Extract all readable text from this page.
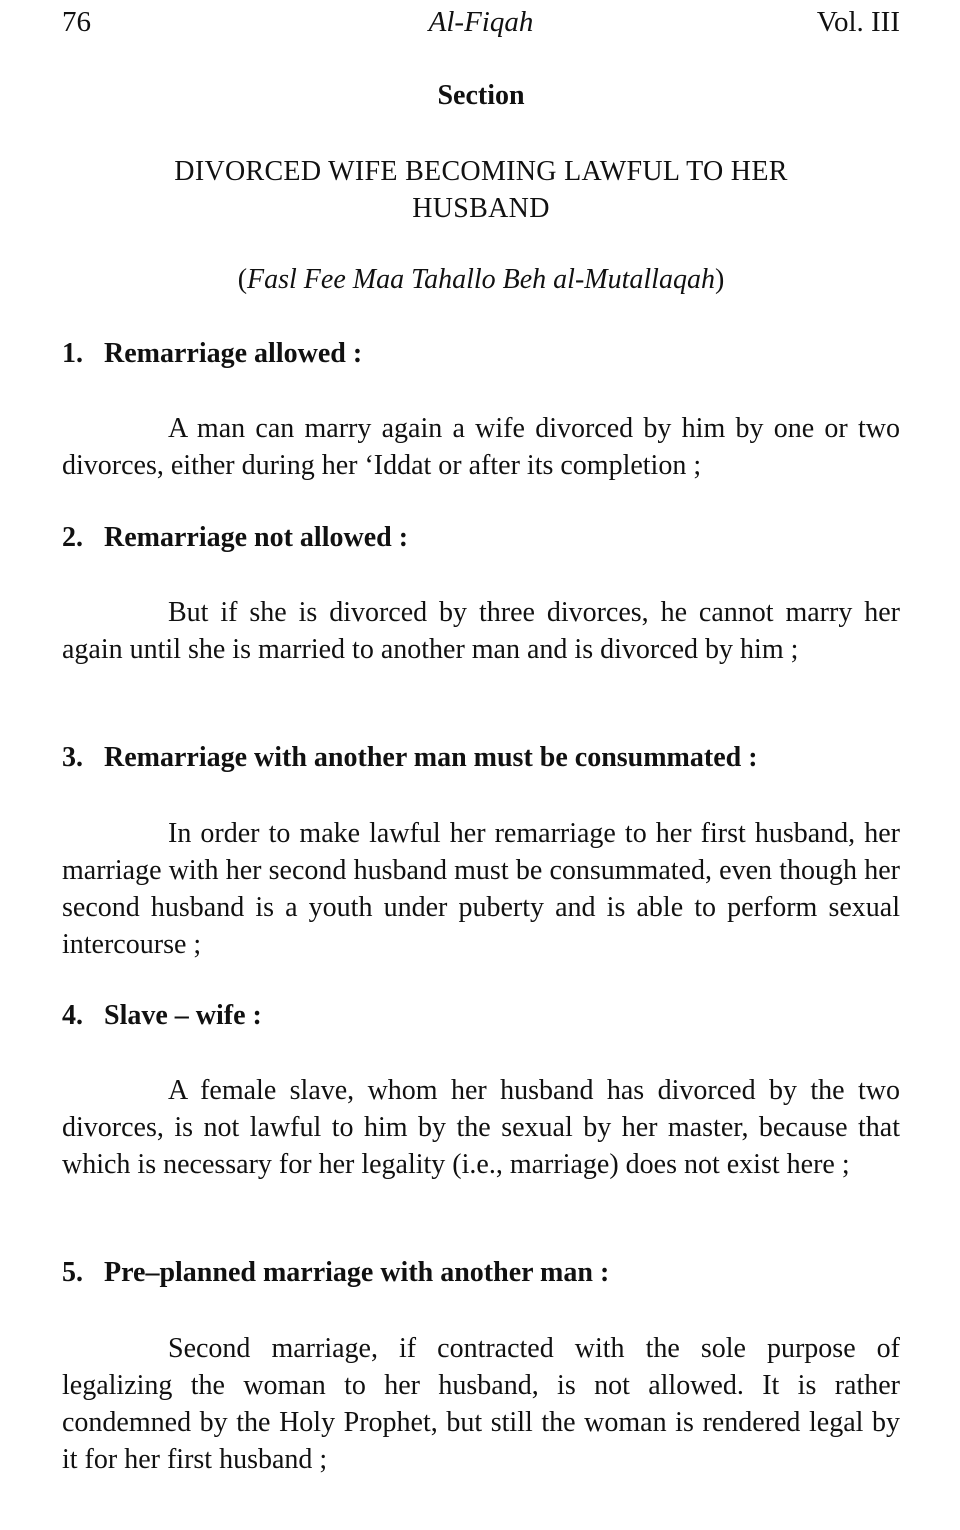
76	Al-Fiqah	Vol. III
Section
DIVORCED WIFE BECOMING LAWFUL TO HER HUSBAND
(Fasl Fee Maa Tahallo Beh al-Mutallaqah)
1. Remarriage allowed :
A man can marry again a wife divorced by him by one or two divorces, either during her ‘Iddat or after its completion ;
2. Remarriage not allowed :
But if she is divorced by three divorces, he cannot marry her again until she is married to another man and is divorced by him ;
3. Remarriage with another man must be consummated :
In order to make lawful her remarriage to her first husband, her marriage with her second husband must be consummated, even though her second husband is a youth under puberty and is able to perform sexual intercourse ;
4. Slave – wife :
A female slave, whom her husband has divorced by the two divorces, is not lawful to him by the sexual by her master, because that which is necessary for her legality (i.e., marriage) does not exist here ;
5. Pre–planned marriage with another man :
Second marriage, if contracted with the sole purpose of legalizing the woman to her husband, is not allowed. It is rather condemned by the Holy Prophet, but still the woman is rendered legal by it for her first husband ;
